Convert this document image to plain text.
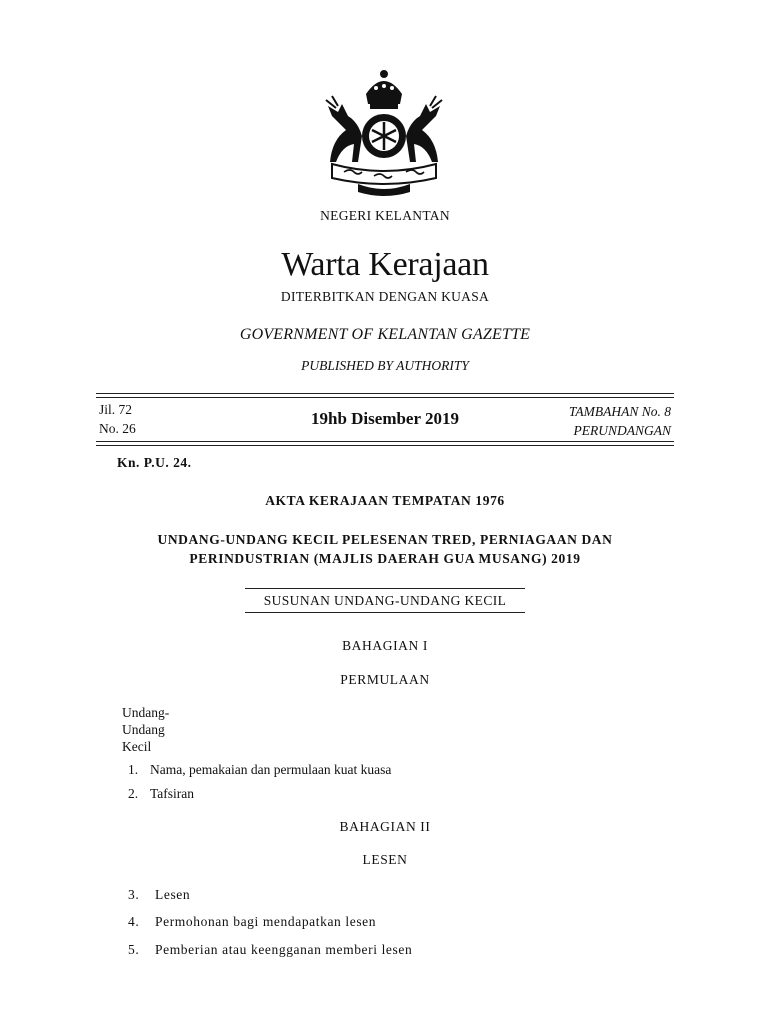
NEGERI KELANTAN
Warta Kerajaan
DITERBITKAN DENGAN KUASA
GOVERNMENT OF KELANTAN GAZETTE
PUBLISHED BY AUTHORITY
Jil. 72
No. 26
19hb Disember 2019	TAMBAHAN No. 8
PERUNDANGAN
Kn. P.U. 24.
AKTA KERAJAAN TEMPATAN 1976
UNDANG-UNDANG KECIL PELESENAN TRED, PERNIAGAAN DAN
PERINDUSTRIAN (MAJLIS DAERAH GUA MUSANG) 2019
SUSUNAN UNDANG-UNDANG KECIL
BAHAGIAN I
PERMULAAN
Undang-
Undang
Kecil
1. Nama, pemakaian dan permulaan kuat kuasa
2. Tafsiran
BAHAGIAN II
LESEN
3. Lesen
4. Permohonan bagi mendapatkan lesen
5. Pemberian atau keengganan memberi lesen
